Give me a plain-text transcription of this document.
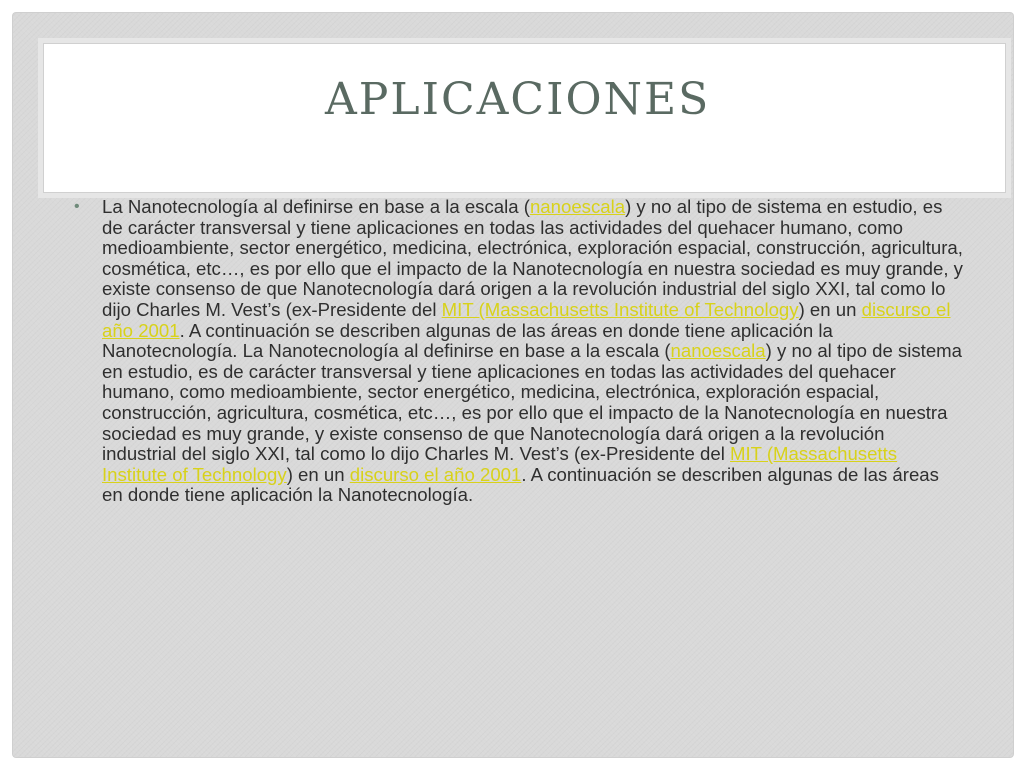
APLICACIONES
• La Nanotecnología al definirse en base a la escala (nanoescala) y no al tipo de sistema en estudio, es de carácter transversal y tiene aplicaciones en todas las actividades del quehacer humano, como medioambiente, sector energético, medicina, electrónica, exploración espacial, construcción, agricultura, cosmética, etc…, es por ello que el impacto de la Nanotecnología en nuestra sociedad es muy grande, y existe consenso de que Nanotecnología dará origen a la revolución industrial del siglo XXI, tal como lo dijo Charles M. Vest’s (ex-Presidente del MIT (Massachusetts Institute of Technology) en un discurso el año 2001. A continuación se describen algunas de las áreas en donde tiene aplicación la Nanotecnología. La Nanotecnología al definirse en base a la escala (nanoescala) y no al tipo de sistema en estudio, es de carácter transversal y tiene aplicaciones en todas las actividades del quehacer humano, como medioambiente, sector energético, medicina, electrónica, exploración espacial, construcción, agricultura, cosmética, etc…, es por ello que el impacto de la Nanotecnología en nuestra sociedad es muy grande, y existe consenso de que Nanotecnología dará origen a la revolución industrial del siglo XXI, tal como lo dijo Charles M. Vest’s (ex-Presidente del MIT (Massachusetts Institute of Technology) en un discurso el año 2001. A continuación se describen algunas de las áreas en donde tiene aplicación la Nanotecnología.
